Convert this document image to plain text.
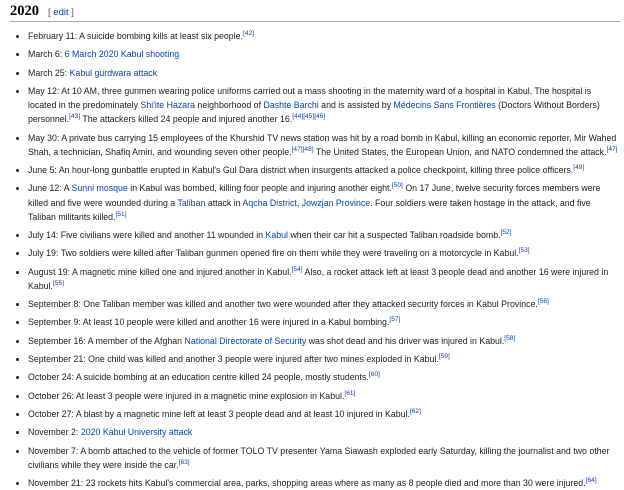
2020 [ edit ]
• February 11: A suicide bombing kills at least six people.[42]
• March 6: 6 March 2020 Kabul shooting
• March 25: Kabul gurdwara attack
• May 12: At 10 AM, three gunmen wearing police uniforms carried out a mass shooting in the maternity ward of a hospital in Kabul. The hospital is located in the predominately Shi'ite Hazara neighborhood of Dashte Barchi and is assisted by Médecins Sans Frontières (Doctors Without Borders) personnel.[43] The attackers killed 24 people and injured another 16.[44][45][46]
• May 30: A private bus carrying 15 employees of the Khurshid TV news station was hit by a road bomb in Kabul, killing an economic reporter, Mir Wahed Shah, a technician, Shafiq Amiri, and wounding seven other people.[47][48] The United States, the European Union, and NATO condemned the attack.[47]
• June 5: An hour-long gunbattle erupted in Kabul's Gul Dara district when insurgents attacked a police checkpoint, killing three police officers.[49]
• June 12: A Sunni mosque in Kabul was bombed, killing four people and injuring another eight.[50] On 17 June, twelve security forces members were killed and five were wounded during a Taliban attack in Aqcha District, Jowzjan Province. Four soldiers were taken hostage in the attack, and five Taliban militants killed.[51]
• July 14: Five civilians were killed and another 11 wounded in Kabul when their car hit a suspected Taliban roadside bomb.[52]
• July 19: Two soldiers were killed after Taliban gunmen opened fire on them while they were traveling on a motorcycle in Kabul.[53]
• August 19: A magnetic mine killed one and injured another in Kabul.[54] Also, a rocket attack left at least 3 people dead and another 16 were injured in Kabul.[55]
• September 8: One Taliban member was killed and another two were wounded after they attacked security forces in Kabul Province.[56]
• September 9: At least 10 people were killed and another 16 were injured in a Kabul bombing.[57]
• September 16: A member of the Afghan National Directorate of Security was shot dead and his driver was injured in Kabul.[58]
• September 21: One child was killed and another 3 people were injured after two mines exploded in Kabul.[59]
• October 24: A suicide bombing at an education centre killed 24 people, mostly students.[60]
• October 26: At least 3 people were injured in a magnetic mine explosion in Kabul.[61]
• October 27: A blast by a magnetic mine left at least 3 people dead and at least 10 injured in Kabul.[62]
• November 2: 2020 Kabul University attack
• November 7: A bomb attached to the vehicle of former TOLO TV presenter Yama Siawash exploded early Saturday, killing the journalist and two other civilians while they were inside the car.[63]
• November 21: 23 rockets hits Kabul's commercial area, parks, shopping areas where as many as 8 people died and more than 30 were injured.[64]
